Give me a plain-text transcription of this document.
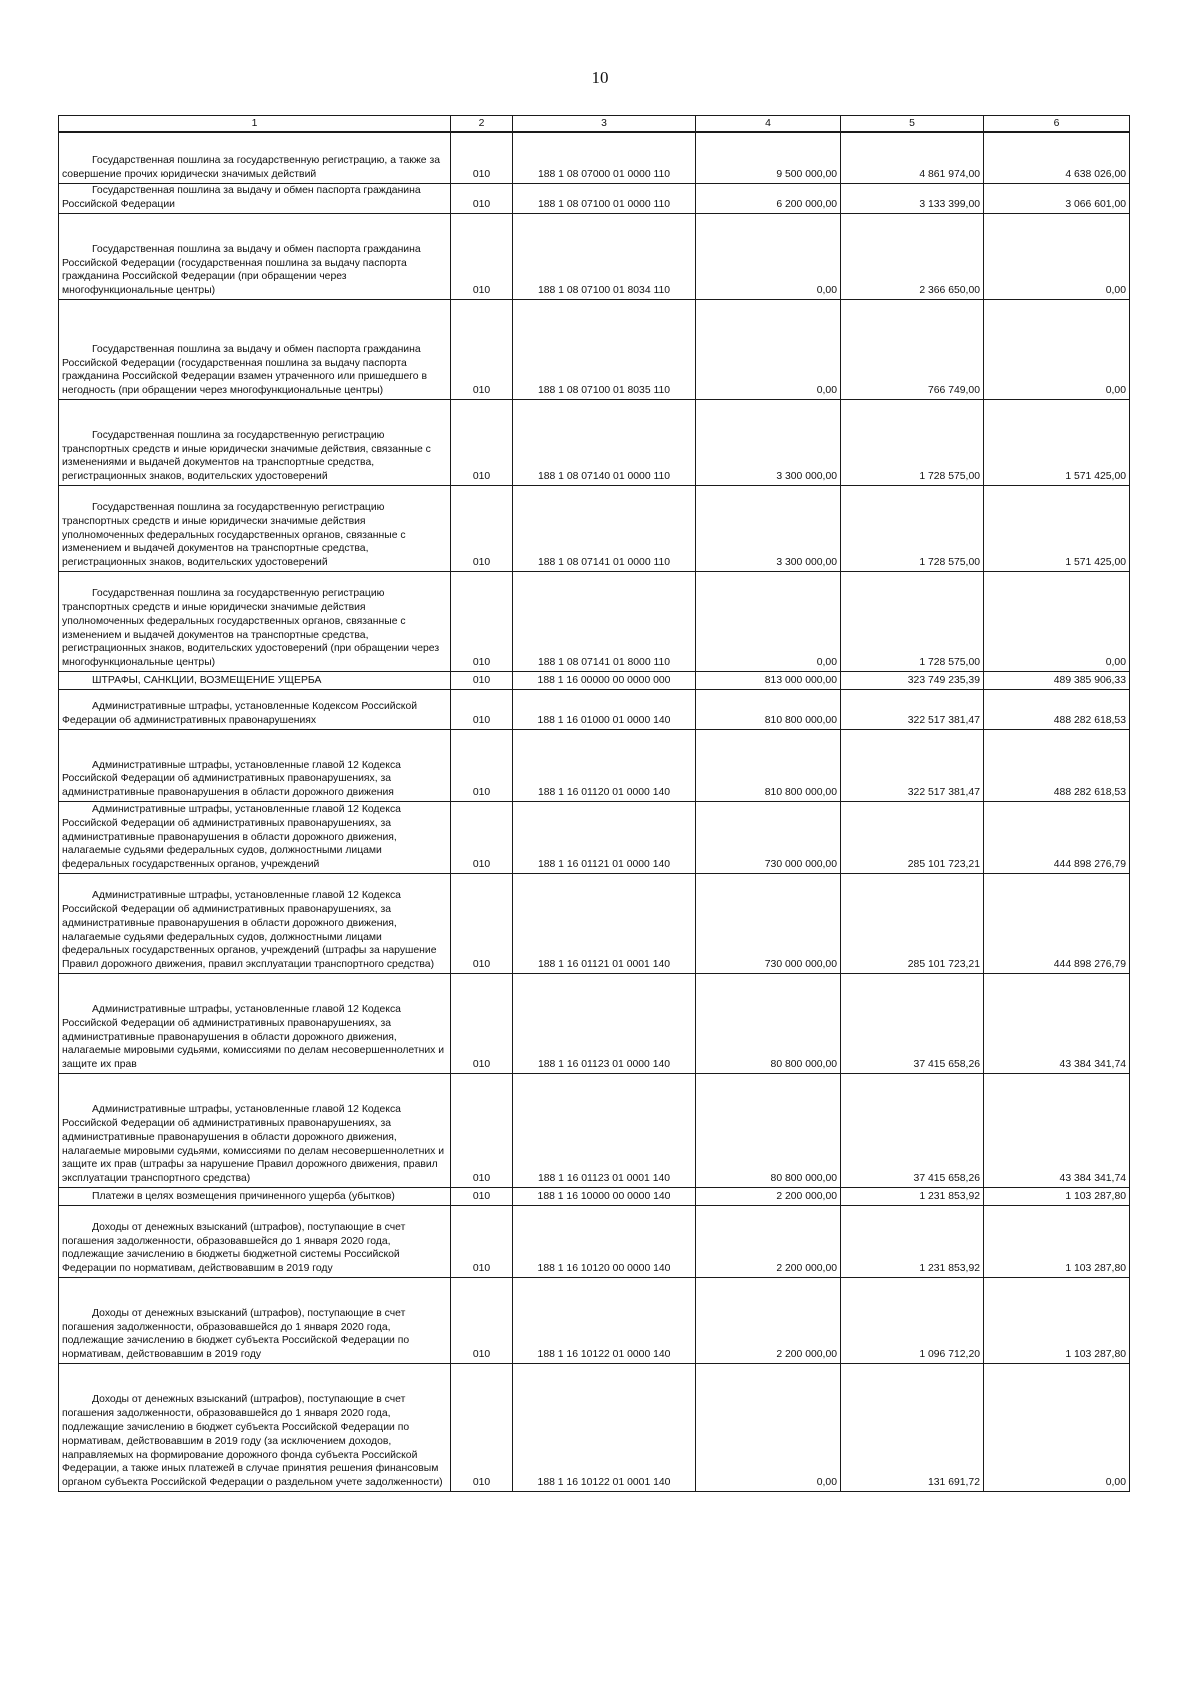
10
1	2	3	4	5	6

Государственная пошлина за государственную регистрацию, а также за совершение прочих юридически значимых действий	010	188 1 08 07000 01 0000 110	9 500 000,00	4 861 974,00	4 638 026,00

Государственная пошлина за выдачу и обмен паспорта гражданина Российской Федерации	010	188 1 08 07100 01 0000 110	6 200 000,00	3 133 399,00	3 066 601,00

Государственная пошлина за выдачу и обмен паспорта гражданина Российской Федерации (государственная пошлина за выдачу паспорта гражданина Российской Федерации (при обращении через многофункциональные центры)	010	188 1 08 07100 01 8034 110	0,00	2 366 650,00	0,00

Государственная пошлина за выдачу и обмен паспорта гражданина Российской Федерации (государственная пошлина за выдачу паспорта гражданина Российской Федерации взамен утраченного или пришедшего в негодность (при обращении через многофункциональные центры)	010	188 1 08 07100 01 8035 110	0,00	766 749,00	0,00

Государственная пошлина за государственную регистрацию транспортных средств и иные юридически значимые действия, связанные с изменениями и выдачей документов на транспортные средства, регистрационных знаков, водительских удостоверений	010	188 1 08 07140 01 0000 110	3 300 000,00	1 728 575,00	1 571 425,00

Государственная пошлина за государственную регистрацию транспортных средств и иные юридически значимые действия уполномоченных федеральных государственных органов, связанные с изменением и выдачей документов на транспортные средства, регистрационных знаков, водительских удостоверений	010	188 1 08 07141 01 0000 110	3 300 000,00	1 728 575,00	1 571 425,00

Государственная пошлина за государственную регистрацию транспортных средств и иные юридически значимые действия уполномоченных федеральных государственных органов, связанные с изменением и выдачей документов на транспортные средства, регистрационных знаков, водительских удостоверений (при обращении через многофункциональные центры)	010	188 1 08 07141 01 8000 110	0,00	1 728 575,00	0,00

ШТРАФЫ, САНКЦИИ, ВОЗМЕЩЕНИЕ УЩЕРБА	010	188 1 16 00000 00 0000 000	813 000 000,00	323 749 235,39	489 385 906,33

Административные штрафы, установленные Кодексом Российской Федерации об административных правонарушениях	010	188 1 16 01000 01 0000 140	810 800 000,00	322 517 381,47	488 282 618,53

Административные штрафы, установленные главой 12 Кодекса Российской Федерации об административных правонарушениях, за административные правонарушения в области дорожного движения	010	188 1 16 01120 01 0000 140	810 800 000,00	322 517 381,47	488 282 618,53

Административные штрафы, установленные главой 12 Кодекса Российской Федерации об административных правонарушениях, за административные правонарушения в области дорожного движения, налагаемые судьями федеральных судов, должностными лицами федеральных государственных органов, учреждений	010	188 1 16 01121 01 0000 140	730 000 000,00	285 101 723,21	444 898 276,79

Административные штрафы, установленные главой 12 Кодекса Российской Федерации об административных правонарушениях, за административные правонарушения в области дорожного движения, налагаемые судьями федеральных судов, должностными лицами федеральных государственных органов, учреждений (штрафы за нарушение Правил дорожного движения, правил эксплуатации транспортного средства)	010	188 1 16 01121 01 0001 140	730 000 000,00	285 101 723,21	444 898 276,79

Административные штрафы, установленные главой 12 Кодекса Российской Федерации об административных правонарушениях, за административные правонарушения в области дорожного движения, налагаемые мировыми судьями, комиссиями по делам несовершеннолетних и защите их прав	010	188 1 16 01123 01 0000 140	80 800 000,00	37 415 658,26	43 384 341,74

Административные штрафы, установленные главой 12 Кодекса Российской Федерации об административных правонарушениях, за административные правонарушения в области дорожного движения, налагаемые мировыми судьями, комиссиями по делам несовершеннолетних и защите их прав (штрафы за нарушение Правил дорожного движения, правил эксплуатации транспортного средства)	010	188 1 16 01123 01 0001 140	80 800 000,00	37 415 658,26	43 384 341,74

Платежи в целях возмещения причиненного ущерба (убытков)	010	188 1 16 10000 00 0000 140	2 200 000,00	1 231 853,92	1 103 287,80

Доходы от денежных взысканий (штрафов), поступающие в счет погашения задолженности, образовавшейся до 1 января 2020 года, подлежащие зачислению в бюджеты бюджетной системы Российской Федерации по нормативам, действовавшим в 2019 году	010	188 1 16 10120 00 0000 140	2 200 000,00	1 231 853,92	1 103 287,80

Доходы от денежных взысканий (штрафов), поступающие в счет погашения задолженности, образовавшейся до 1 января 2020 года, подлежащие зачислению в бюджет субъекта Российской Федерации по нормативам, действовавшим в 2019 году	010	188 1 16 10122 01 0000 140	2 200 000,00	1 096 712,20	1 103 287,80

Доходы от денежных взысканий (штрафов), поступающие в счет погашения задолженности, образовавшейся до 1 января 2020 года, подлежащие зачислению в бюджет субъекта Российской Федерации по нормативам, действовавшим в 2019 году (за исключением доходов, направляемых на формирование дорожного фонда субъекта Российской Федерации, а также иных платежей в случае принятия решения финансовым органом субъекта Российской Федерации о раздельном учете задолженности)	010	188 1 16 10122 01 0001 140	0,00	131 691,72	0,00
